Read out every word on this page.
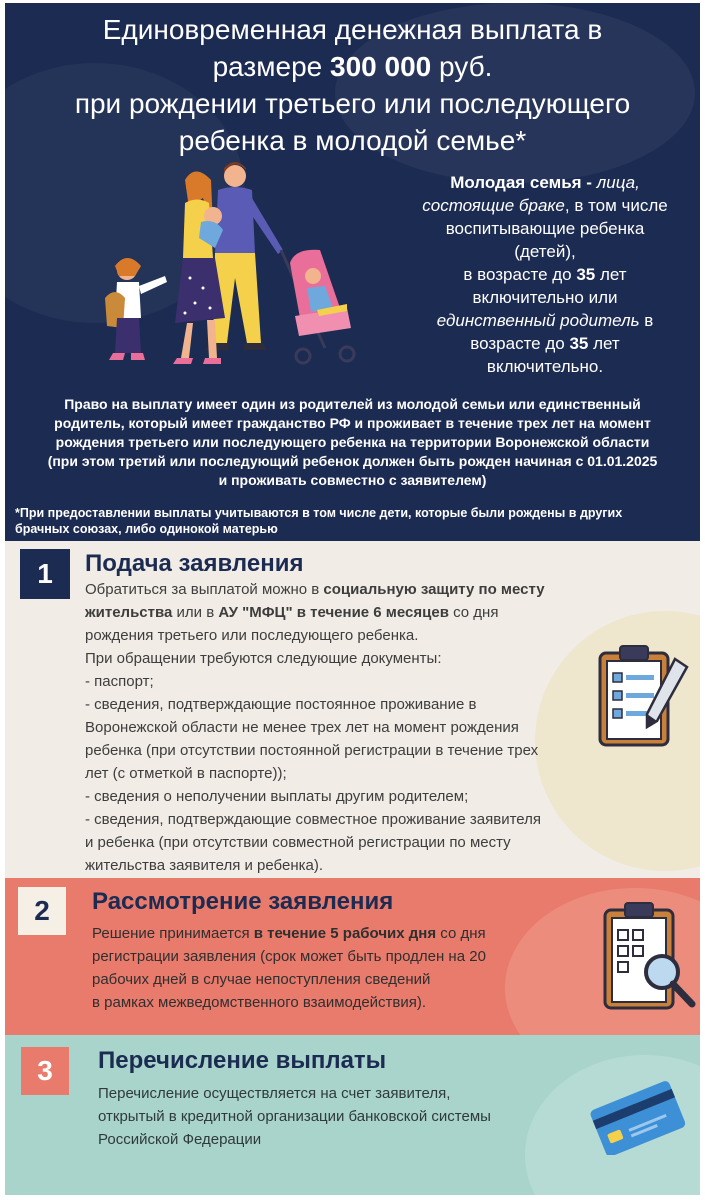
Единовременная денежная выплата в
размере 300 000 руб.
при рождении третьего или последующего
ребенка в молодой семье*
Молодая семья - лица,
состоящие браке, в том числе
воспитывающие ребенка
(детей),
в возрасте до 35 лет
включительно или
единственный родитель в
возрасте до 35 лет
включительно.
Право на выплату имеет один из родителей из молодой семьи или единственный
родитель, который имеет гражданство РФ и проживает в течение трех лет на момент
рождения третьего или последующего ребенка на территории Воронежской области
(при этом третий или последующий ребенок должен быть рожден начиная с 01.01.2025
и проживать совместно с заявителем)
*При предоставлении выплаты учитываются в том числе дети, которые были рождены в других
брачных союзах, либо одинокой матерью
1	Подача заявления
Обратиться за выплатой можно в социальную защиту по месту
жительства или в АУ "МФЦ" в течение 6 месяцев со дня
рождения третьего или последующего ребенка.
При обращении требуются следующие документы:
- паспорт;
- сведения, подтверждающие постоянное проживание в
Воронежской области не менее трех лет на момент рождения
ребенка (при отсутствии постоянной регистрации в течение трех
лет (с отметкой в паспорте));
- сведения о неполучении выплаты другим родителем;
- сведения, подтверждающие совместное проживание заявителя
и ребенка (при отсутствии совместной регистрации по месту
жительства заявителя и ребенка).
2	Рассмотрение заявления
Решение принимается в течение 5 рабочих дня со дня
регистрации заявления (срок может быть продлен на 20
рабочих дней в случае непоступления сведений
в рамках межведомственного взаимодействия).
3	Перечисление выплаты
Перечисление осуществляется на счет заявителя,
открытый в кредитной организации банковской системы
Российской Федерации
